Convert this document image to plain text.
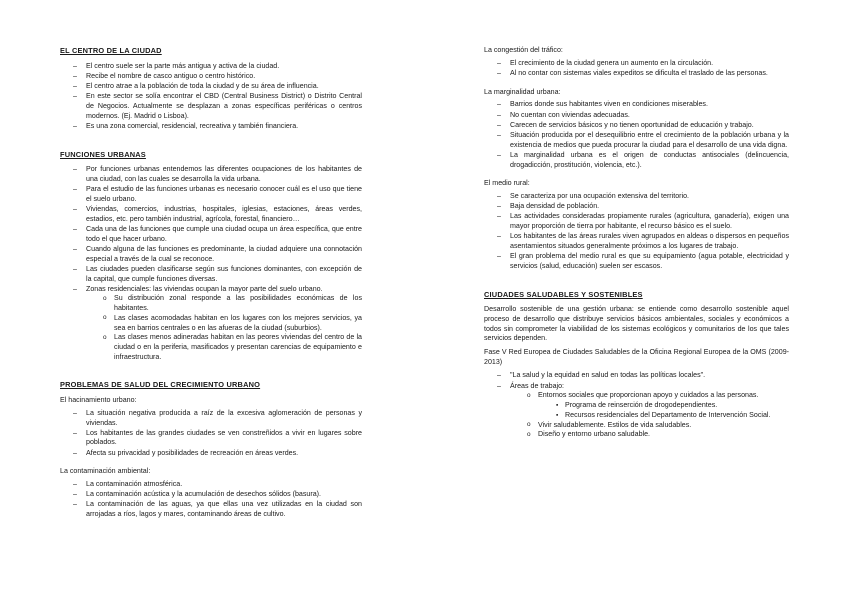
EL CENTRO DE LA CIUDAD
– El centro suele ser la parte más antigua y activa de la ciudad.
– Recibe el nombre de casco antiguo o centro histórico.
– El centro atrae a la población de toda la ciudad y de su área de influencia.
– En este sector se solía encontrar el CBD (Central Business District) o Distrito Central de Negocios. Actualmente se desplazan a zonas específicas periféricas o centros modernos. (Ej. Madrid o Lisboa).
– Es una zona comercial, residencial, recreativa y también financiera.
FUNCIONES URBANAS
– Por funciones urbanas entendemos las diferentes ocupaciones de los habitantes de una ciudad, con las cuales se desarrolla la vida urbana.
– Para el estudio de las funciones urbanas es necesario conocer cuál es el uso que tiene el suelo urbano.
– Viviendas, comercios, industrias, hospitales, iglesias, estaciones, áreas verdes, estadios, etc. pero también industrial, agrícola, forestal, financiero…
– Cada una de las funciones que cumple una ciudad ocupa un área específica, que entre todo el que hacer urbano.
– Cuando alguna de las funciones es predominante, la ciudad adquiere una connotación especial a través de la cual se reconoce.
– Las ciudades pueden clasificarse según sus funciones dominantes, con excepción de la capital, que cumple funciones diversas.
– Zonas residenciales: las viviendas ocupan la mayor parte del suelo urbano.
o Su distribución zonal responde a las posibilidades económicas de los habitantes.
o Las clases acomodadas habitan en los lugares con los mejores servicios, ya sea en barrios centrales o en las afueras de la ciudad (suburbios).
o Las clases menos adineradas habitan en las peores viviendas del centro de la ciudad o en la periferia, masificados y presentan carencias de equipamiento e infraestructura.
PROBLEMAS DE SALUD DEL CRECIMIENTO URBANO

El hacinamiento urbano:

– La situación negativa producida a raíz de la excesiva aglomeración de personas y viviendas.
– Los habitantes de las grandes ciudades se ven constreñidos a vivir en lugares sobre poblados.
– Afecta su privacidad y posibilidades de recreación en áreas verdes.

La contaminación ambiental:

– La contaminación atmosférica.
– La contaminación acústica y la acumulación de desechos sólidos (basura).
– La contaminación de las aguas, ya que ellas una vez utilizadas en la ciudad son arrojadas a ríos, lagos y mares, contaminando áreas de cultivo.

La congestión del tráfico:

– El crecimiento de la ciudad genera un aumento en la circulación.
– Al no contar con sistemas viales expeditos se dificulta el traslado de las personas.

La marginalidad urbana:

– Barrios donde sus habitantes viven en condiciones miserables.
– No cuentan con viviendas adecuadas.
– Carecen de servicios básicos y no tienen oportunidad de educación y trabajo.
– Situación producida por el desequilibrio entre el crecimiento de la población urbana y la existencia de medios que pueda procurar la ciudad para el desarrollo de una vida digna.
– La marginalidad urbana es el origen de conductas antisociales (delincuencia, drogadicción, prostitución, violencia, etc.).

El medio rural:

– Se caracteriza por una ocupación extensiva del territorio.
– Baja densidad de población.
– Las actividades consideradas propiamente rurales (agricultura, ganadería), exigen una mayor proporción de tierra por habitante, el recurso básico es el suelo.
– Los habitantes de las áreas rurales viven agrupados en aldeas o dispersos en pequeños asentamientos situados generalmente próximos a los lugares de trabajo.
– El gran problema del medio rural es que su equipamiento (agua potable, electricidad y servicios (salud, educación) suelen ser escasos.
CIUDADES SALUDABLES Y SOSTENIBLES

Desarrollo sostenible de una gestión urbana: se entiende como desarrollo sostenible aquel proceso de desarrollo que distribuye servicios básicos ambientales, sociales y económicos a todos sin comprometer la viabilidad de los sistemas ecológicos y comunitarios de los que tales servicios dependen.

Fase V Red Europea de Ciudades Saludables de la Oficina Regional Europea de la OMS (2009-2013)

– "La salud y la equidad en salud en todas las políticas locales".
– Áreas de trabajo:
o Entornos sociales que proporcionan apoyo y cuidados a las personas.
▪ Programa de reinserción de drogodependientes.
▪ Recursos residenciales del Departamento de Intervención Social.
o Vivir saludablemente. Estilos de vida saludables.
o Diseño y entorno urbano saludable.
